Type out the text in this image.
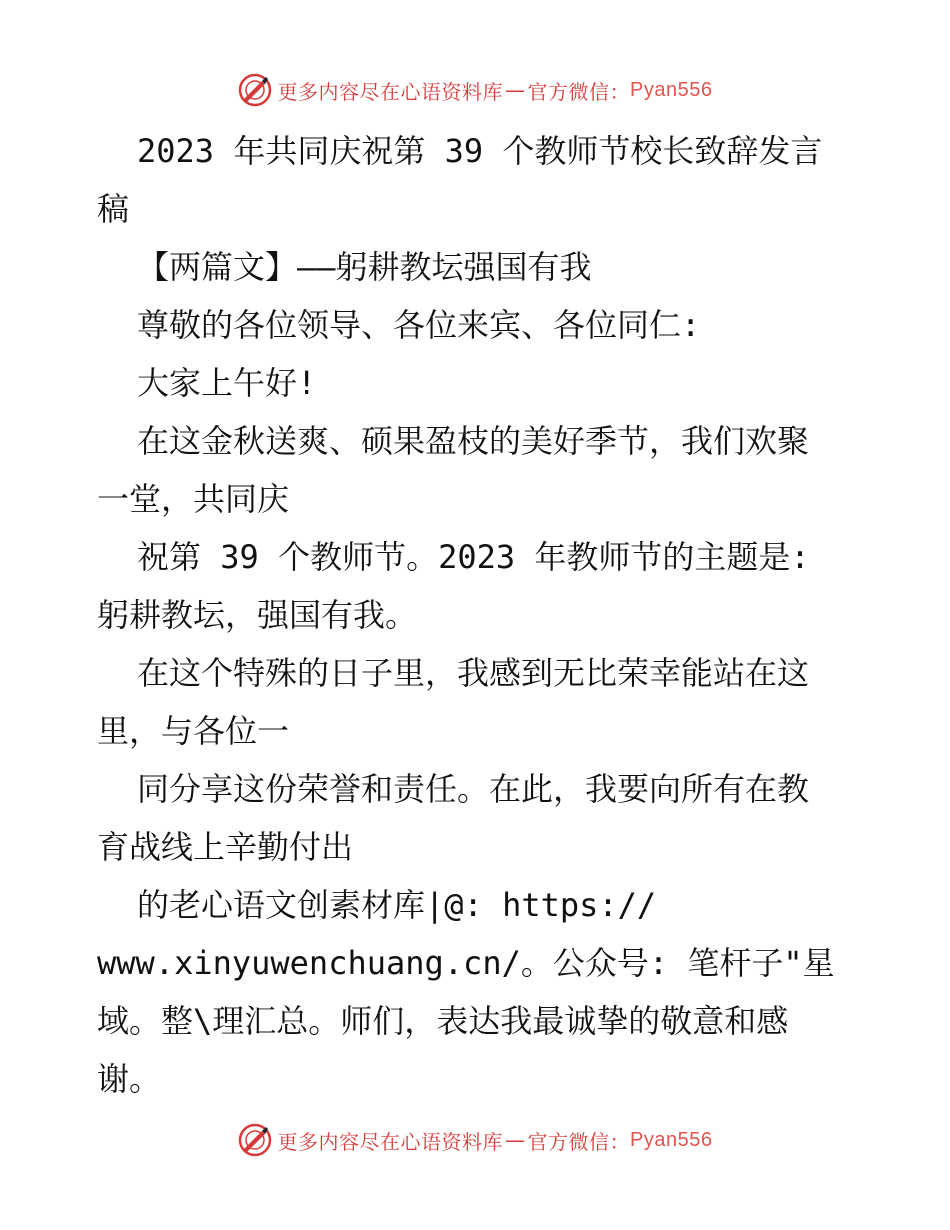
更多内容尽在心语资料库 — 官方微信： Pyan556
2023 年共同庆祝第 39 个教师节校长致辞发言
稿
【两篇文】——躬耕教坛强国有我
尊敬的各位领导、各位来宾、各位同仁:
大家上午好!
在这金秋送爽、硕果盈枝的美好季节，我们欢聚
一堂，共同庆
祝第 39 个教师节。2023 年教师节的主题是:
躬耕教坛，强国有我。
在这个特殊的日子里，我感到无比荣幸能站在这
里，与各位一
同分享这份荣誉和责任。在此，我要向所有在教
育战线上辛勤付出
的老心语文创素材库|@: https://
www.xinyuwenchuang.cn/。公众号: 笔杆子"星
域。整\理汇总。师们，表达我最诚挚的敬意和感
谢。
更多内容尽在心语资料库 — 官方微信： Pyan556
